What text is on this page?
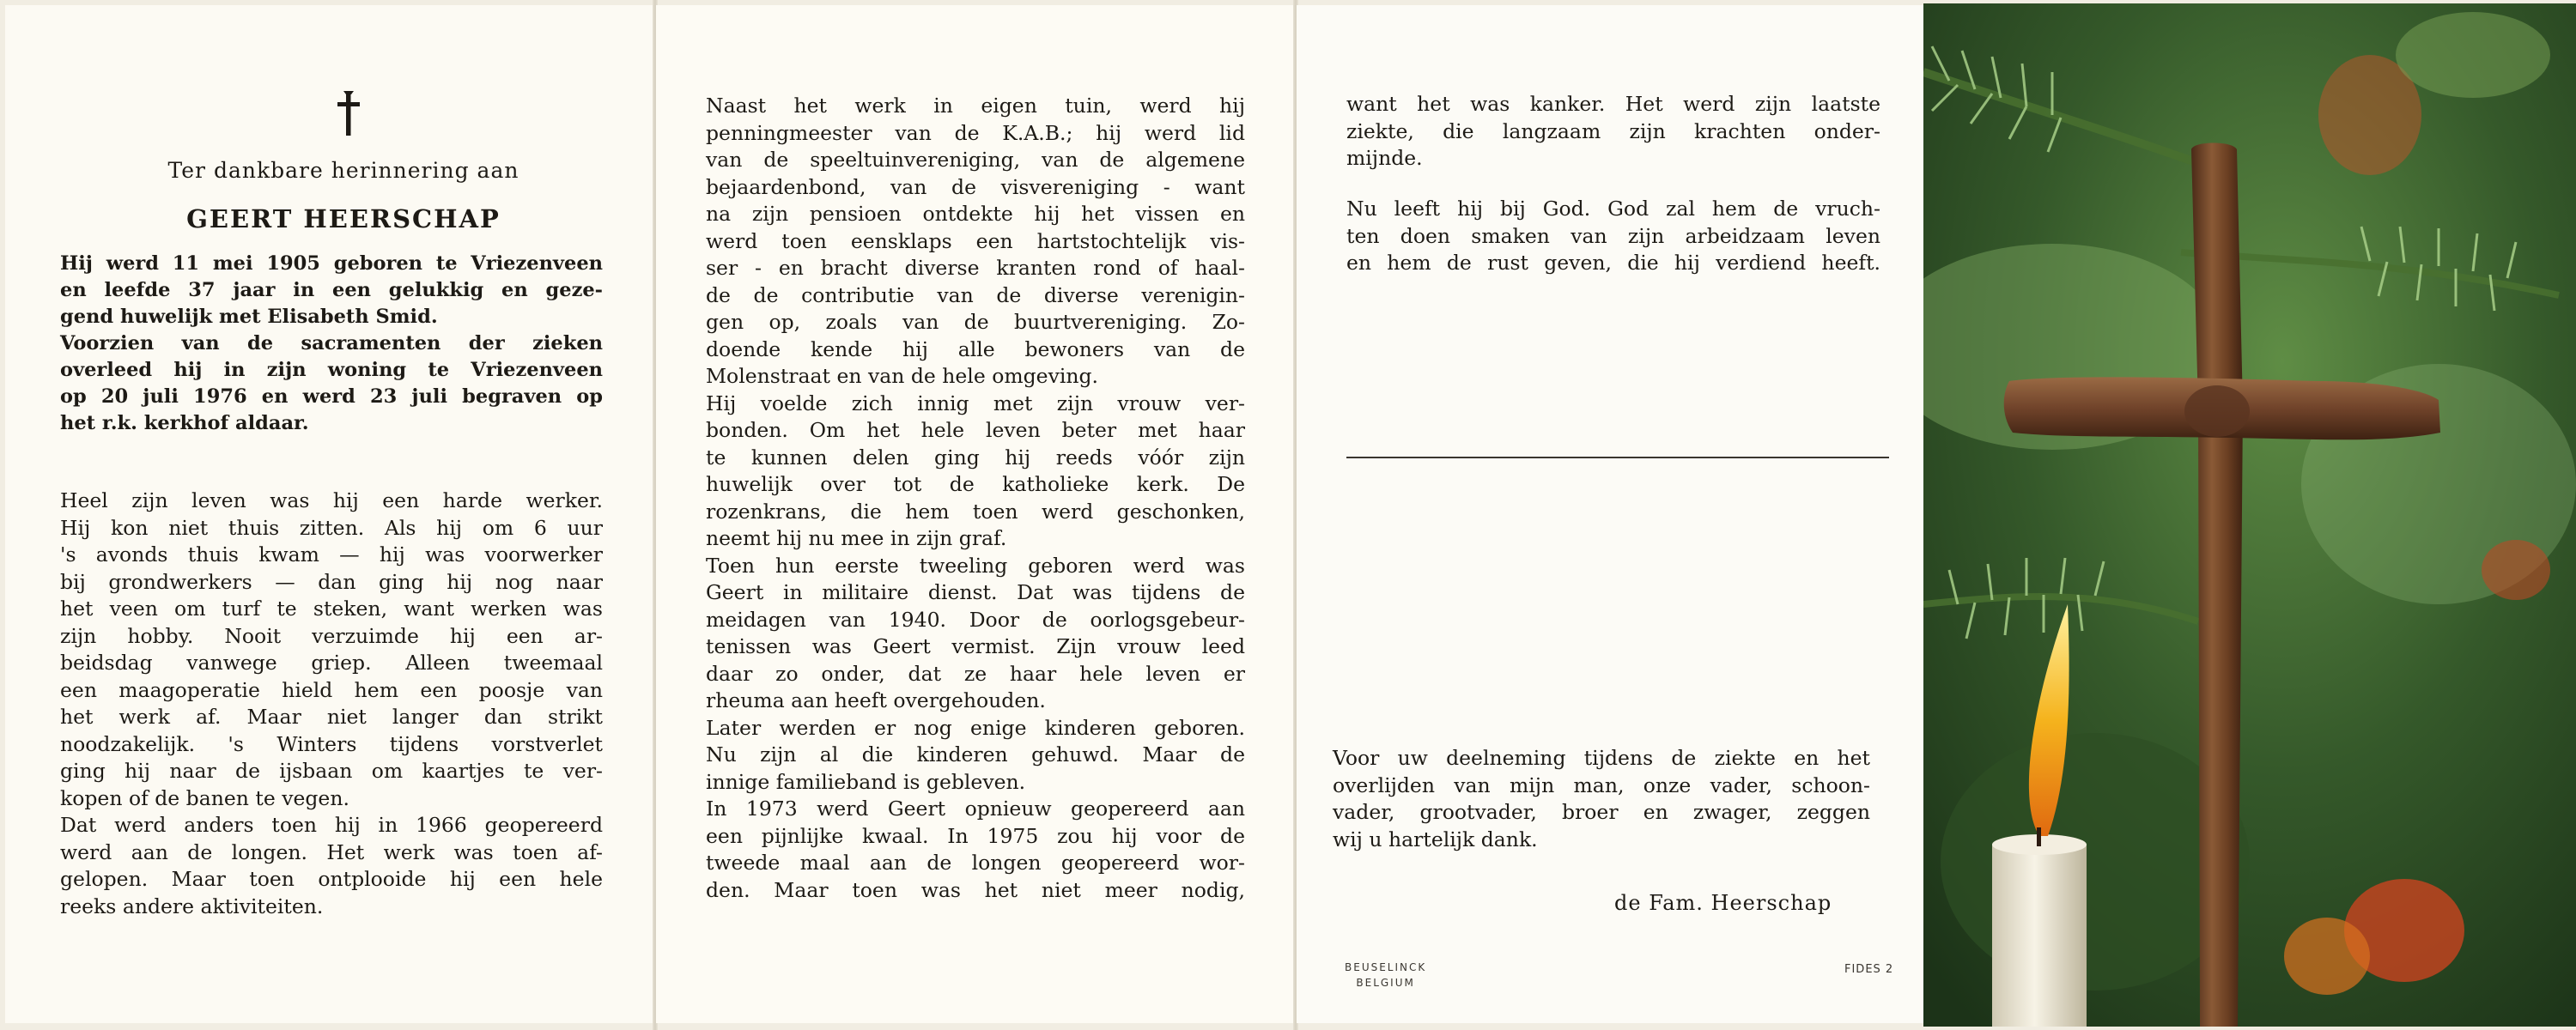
Ter dankbare herinnering aan
GEERT HEERSCHAP
Hij werd 11 mei 1905 geboren te Vriezenveen
en leefde 37 jaar in een gelukkig en geze-
gend huwelijk met Elisabeth Smid.
Voorzien van de sacramenten der zieken
overleed hij in zijn woning te Vriezenveen
op 20 juli 1976 en werd 23 juli begraven op
het r.k. kerkhof aldaar.
Heel zijn leven was hij een harde werker.
Hij kon niet thuis zitten. Als hij om 6 uur
's avonds thuis kwam — hij was voorwerker
bij grondwerkers — dan ging hij nog naar
het veen om turf te steken, want werken was
zijn hobby. Nooit verzuimde hij een ar-
beidsdag vanwege griep. Alleen tweemaal
een maagoperatie hield hem een poosje van
het werk af. Maar niet langer dan strikt
noodzakelijk. 's Winters tijdens vorstverlet
ging hij naar de ijsbaan om kaartjes te ver-
kopen of de banen te vegen.
Dat werd anders toen hij in 1966 geopereerd
werd aan de longen. Het werk was toen af-
gelopen. Maar toen ontplooide hij een hele
reeks andere aktiviteiten.
Naast het werk in eigen tuin, werd hij
penningmeester van de K.A.B.; hij werd lid
van de speeltuinvereniging, van de algemene
bejaardenbond, van de visvereniging - want
na zijn pensioen ontdekte hij het vissen en
werd toen eensklaps een hartstochtelijk vis-
ser - en bracht diverse kranten rond of haal-
de de contributie van de diverse verenigin-
gen op, zoals van de buurtvereniging. Zo-
doende kende hij alle bewoners van de
Molenstraat en van de hele omgeving.
Hij voelde zich innig met zijn vrouw ver-
bonden. Om het hele leven beter met haar
te kunnen delen ging hij reeds vóór zijn
huwelijk over tot de katholieke kerk. De
rozenkrans, die hem toen werd geschonken,
neemt hij nu mee in zijn graf.
Toen hun eerste tweeling geboren werd was
Geert in militaire dienst. Dat was tijdens de
meidagen van 1940. Door de oorlogsgebeur-
tenissen was Geert vermist. Zijn vrouw leed
daar zo onder, dat ze haar hele leven er
rheuma aan heeft overgehouden.
Later werden er nog enige kinderen geboren.
Nu zijn al die kinderen gehuwd. Maar de
innige familieband is gebleven.
In 1973 werd Geert opnieuw geopereerd aan
een pijnlijke kwaal. In 1975 zou hij voor de
tweede maal aan de longen geopereerd wor-
den. Maar toen was het niet meer nodig,
want het was kanker. Het werd zijn laatste
ziekte, die langzaam zijn krachten onder-
mijnde.
Nu leeft hij bij God. God zal hem de vruch-
ten doen smaken van zijn arbeidzaam leven
en hem de rust geven, die hij verdiend heeft.
Voor uw deelneming tijdens de ziekte en het
overlijden van mijn man, onze vader, schoon-
vader, grootvader, broer en zwager, zeggen
wij u hartelijk dank.
de Fam. Heerschap
BEUSELINCK
BELGIUM
FIDES 2
